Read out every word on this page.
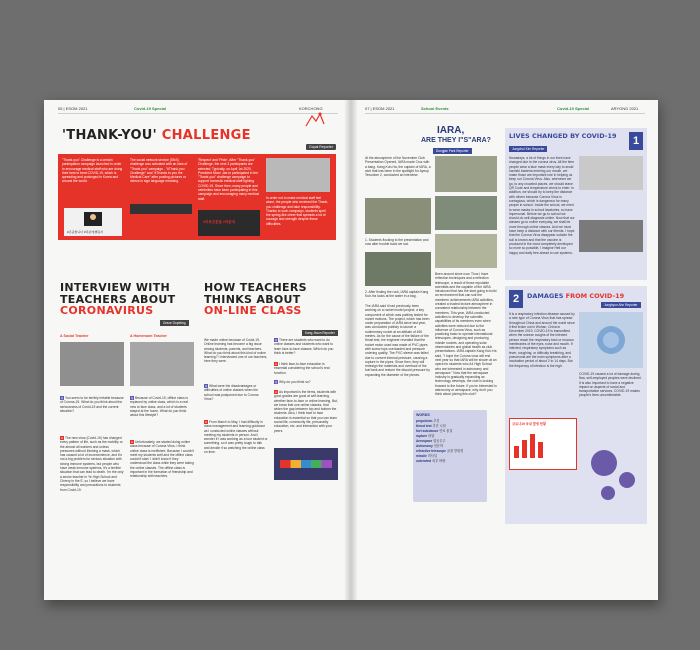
05 | ESOM 2021	Covid-19 Special	KORCHONG
'THANK-YOU' CHALLENGE
Gopal Reporter
"Thank-you" Challenge is a certain participation campaign launched in order to encourage medical staff who are doing their best to treat COVID-19, which is spreading and prolonged in Korea and around the world.
The social network service (SNS) challenge was activated with an idea of "Thank you" campaign - "#Thank-you Challenge" and "#Thanks to you the Medical Care" after posting pictures or videos in sign language meaning.
'Respect' and 'Pride'. After "Thank-you" Challenge, the next 3 participants are selected. Typically, on April 1st 2020, President Moon Jae-in participated in the "Thank-you" challenge campaign to support domestic medical staff fighting COVID-19. Since then, many people and celebrities have been participating in this campaign and encouraging many medical staff.	In order not to make medical staff feel alone, the people who received the Thank-you challenge and take responsibility. Thanks to such campaign, students spell the spring-like cheer that spreads a lot of courage and strength despite these difficulties.
#존중합니다 #덕분에챌린지
#의료진분들 #덕분에
INTERVIEW WITH
TEACHERS ABOUT
CORONAVIRUS
Grace Gopeting
A Social Teacher	A Homeroom Teacher
Q You seem to be terribly irritable because of Corona-19. What do you think about the seriousness of Covid-19 and the current situation?
A The new virus (Covid-19) has changed every pattern of life, such as the mobility or the almost all workers and unless pressures without thinking a mask, which has caused a lot of inconvenience, and it's not a big problem for serious situation with strong immune systems, but people who have weak immune systems, it's a terrible situation that can lead to death. I'm the only a senior teacher in Ye High School and Cheery in the E, so I believe we have responsibility and precautions to students from Covid-19.
Q Because of Covid-19, offline class is replaced by online class, which is a real new to face class, and a lot of students stayed at the home. What do you think about this lifestyle?
A Unfortunately, we started doing online class because of Corona Virus. I think online class is inefficient, Because I couldn't meet my students well and the offline class couldn't start. I didn't know if they understood the class while they were taking the online classes. The offline class is important in the formation of friendship and relationship with teachers.
HOW TEACHERS
THINKS ABOUT
ON-LINE CLASS
Kang Jiwon Reporter
We made online because of Covid-19. Online learning has become a big issue among students, parents, and teachers. What do you think about this kind of online learning? I interviewed one of our teachers, here they were.
Q What were the disadvantages or difficulties of online classes when the school was postponed due to Corona Virus?
A From March to May, I had difficulty in class management and learning guidance as I conducted online classes without meeting my students in person. And I wonder if I was working as a tour student or something, so it was pretty tough to talk and decide if so watching the online class on time.
Q There are students who want to do online classes and students who want to learn face-to-face classes. Which do you think is better?
A I think face-to-face education is essential considering the school's real function.
Q Why do you think so?
A As important is the items, students with good grades are good at self-learning, whether face-to-face or online learning. But, we know that one online classes, that widen the gap between top and bottom the students. Also, I think face to face education is essential so that you can learn social life, community life, personality education, etc. and interaction with your peers.
07 | ESOM 2021	School Events	Covid-19 Special	ARYONG 2021
IARA,
ARE THEY I"S"ARA?
Dongjae Park Reporter
At the atmosphere of the November Club Presentation Opened, IARA made Cruz with a bang. Kang Kuh-Ha, the captain of IARA, a club that has been in the spotlight for Ayeup Teworlom 2, conducted an interview.
1. Students flocking to the presentation and now alter trouble back we sat.
2. After finding the rock, IARA captain Kang Kuh-Ha looks at the water in a bag.
The IARA said it had previously been working on a rocket model project, a key component of which was publicly tested for rocket motions. The project, which has been under preparation of IARA since last year, was conducted publicly to launch a rudimentary rocket at an altitude of 450 meters. As for the cause of the failure of the thrust test, the engineer revealed that the rocket motor used was made of PVC pipes with screw tops overloaded and pressure ordering quality. The PVC sleeve was failed due to convert internal pressure, causing a rupture in the pipes. Since then, they will redesign the materials and overhaul of the fuel tank and restore the discoid pressure by expanding the diameter of the pieces.
Been around since now. Thus I have reflection techniques and a reflection telescope, a result of those reputable scientists and the capable of the IARA introduced that has the start going to build an environment that can suit the members' achievements IARA activities, created a trusted lecture atmosphere in consistent relationship between the members. This year, IARA conducted activities to develop the scientific capabilities of its members even when activities were reduced due to the influence of Corona Virus, such as practicing basic to operate international telescopes, designing and producing missile rockets, and operating solar observatories and global health as club presentations. IARA captain Kang Kuh-Ha said, "I hope the Corona virus will end next year so that IARA will be shown at an opera for students who A4 High School who are interested in astronomy and aerospace." Now that the aerospace industry is gradually expanding as technology develops, the club is looking forward to the future. If you're interested in astronomy or aerospace, why don't you think about joining this club?
WORDS
propulsion 추진
thrust test 추진 시험
fuel substance 연료 물질
rupture 파열
Aerospace 항공우주
Astronomy 천문학
refractive telescope 굴절 망원경
missile 미사일
outerwind 외부 바람
LIVES CHANGED BY COVID-19	1
Jungchul Kim Reporter
Nowadays, a lot of things in our lives have changed due to the corona virus. All the time people wear a face mask every day to avoid harmful bacteria entering our mouth, we make those are important role in helping us keep our Corona Virus. Also, whenever we go, to any crowded places, we should leave QR Code and temperature check to enter. In addition, we should try to keep the distance with others because Corona Virus is contagious, which is dangerous for many people in school. Inside the school, we need to wear masks in school lavatories, so have impersonal. Before we go to school we should do self-diagnosis online. Now that our classes go to online everyday, we shall be more through online classes. And we must have keep a distance with our friends. I hope that the Corona Virus disappear outside the soil is known and that the vaccine is produced in the most completely developed so more so possible, I imagine Heli our happy and daily free-ahead to use systems.
2	DAMAGES FROM COVID-19
Junghyun Ahn Reporter
It is a respiratory infection disease caused by a new type of Corona Virus that has spread throughout China and around the world since it first broke out in Wuhan, China in December 2019. COVID-19 is transmitted when the sneeze coughs of the infected person reach the respiratory tract or mucous membranes of the eyes, nose and mouth. If infected, respiratory symptoms such as fever, coughing, or difficulty breathing, and pneumonia are the main symptoms after a incubation period of about 2 to 14 days. But the frequency of infection is the high.
COVID-19 caused a lot of damage during flow, self-employed peoples were declined. It is also important to have a negative impact on aspects of social and transportation services. COVID-19 makes people's lives uncomfortable.
코로나19 국내 발생 현황
